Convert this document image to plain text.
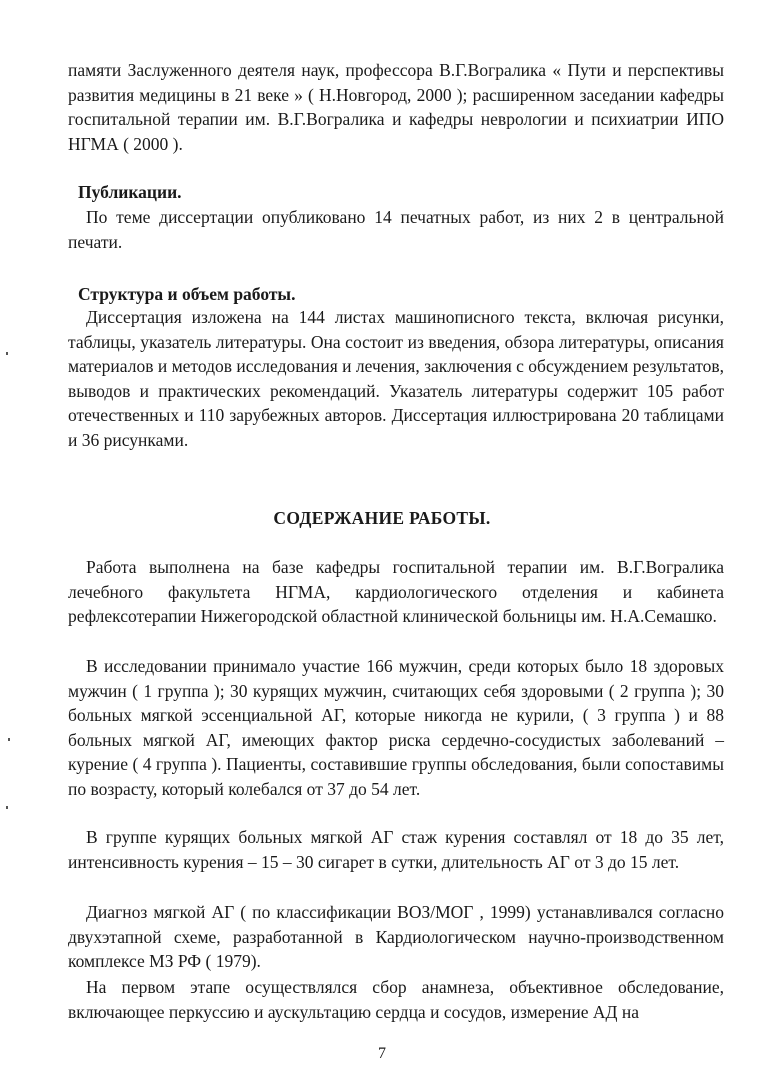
памяти Заслуженного деятеля наук, профессора В.Г.Вогралика « Пути и перспективы развития медицины в 21 веке » ( Н.Новгород, 2000 ); расширенном заседании кафедры госпитальной терапии им. В.Г.Вогралика и кафедры неврологии и психиатрии ИПО НГМА ( 2000 ).

Публикации.

По теме диссертации опубликовано 14 печатных работ, из них 2 в центральной печати.

Структура и объем работы.

Диссертация изложена на 144 листах машинописного текста, включая рисунки, таблицы, указатель литературы. Она состоит из введения, обзора литературы, описания материалов и методов исследования и лечения, заключения с обсуждением результатов, выводов и практических рекомендаций. Указатель литературы содержит 105 работ отечественных и 110 зарубежных авторов. Диссертация иллюстрирована 20 таблицами и 36 рисунками.

СОДЕРЖАНИЕ РАБОТЫ.

Работа выполнена на базе кафедры госпитальной терапии им. В.Г.Вогралика лечебного факультета НГМА, кардиологического отделения и кабинета рефлексотерапии Нижегородской областной клинической больницы им. Н.А.Семашко.

В исследовании принимало участие 166 мужчин, среди которых было 18 здоровых мужчин ( 1 группа ); 30 курящих мужчин, считающих себя здоровыми ( 2 группа ); 30 больных мягкой эссенциальной АГ, которые никогда не курили, ( 3 группа ) и 88 больных мягкой АГ, имеющих фактор риска сердечно-сосудистых заболеваний – курение ( 4 группа ). Пациенты, составившие группы обследования, были сопоставимы по возрасту, который колебался от 37 до 54 лет.

В группе курящих больных мягкой АГ стаж курения составлял от 18 до 35 лет, интенсивность курения – 15 – 30 сигарет в сутки, длительность АГ от 3 до 15 лет.

Диагноз мягкой АГ ( по классификации ВОЗ/МОГ , 1999) устанавливался согласно двухэтапной схеме, разработанной в Кардиологическом научно-производственном комплексе МЗ РФ ( 1979).

На первом этапе осуществлялся сбор анамнеза, объективное обследование, включающее перкуссию и аускультацию сердца и сосудов, измерение АД на

7
